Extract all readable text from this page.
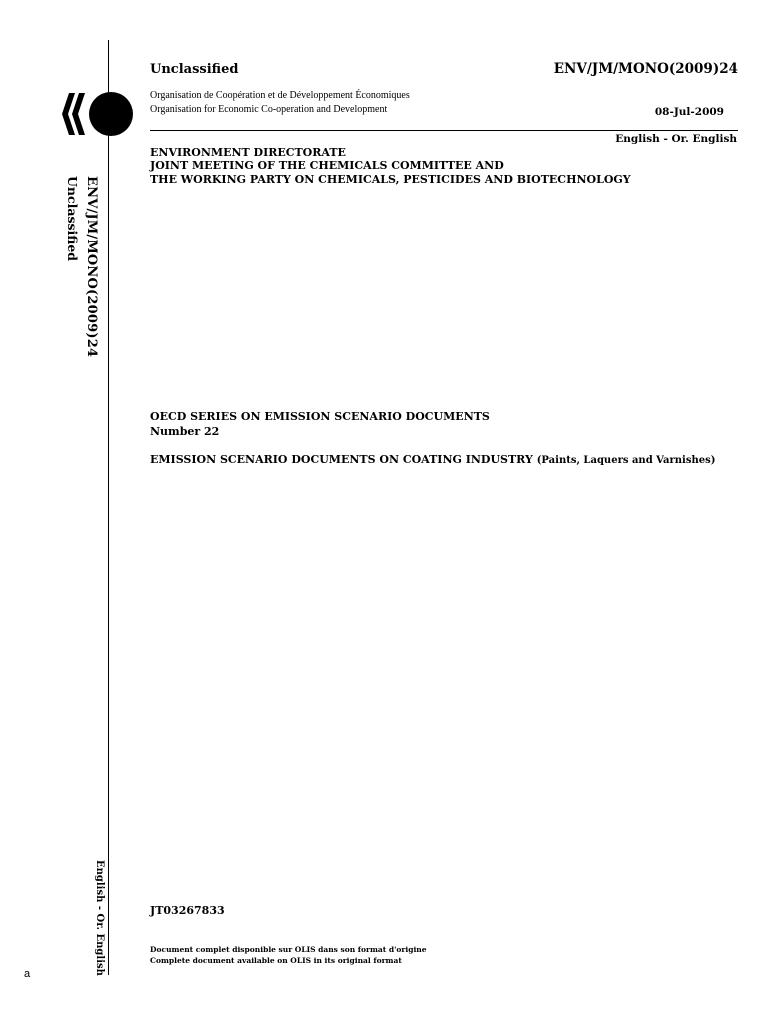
ENV/JM/MONO(2009)24
Unclassified
English - Or. English
Unclassified	ENV/JM/MONO(2009)24
Organisation de Coopération et de Développement Économiques
Organisation for Economic Co-operation and Development	08-Jul-2009
English - Or. English
ENVIRONMENT DIRECTORATE
JOINT MEETING OF THE CHEMICALS COMMITTEE AND
THE WORKING PARTY ON CHEMICALS, PESTICIDES AND BIOTECHNOLOGY
OECD SERIES ON EMISSION SCENARIO DOCUMENTS
Number 22
EMISSION SCENARIO DOCUMENTS ON COATING INDUSTRY (Paints, Laquers and Varnishes)
JT03267833
Document complet disponible sur OLIS dans son format d'origine
Complete document available on OLIS in its original format
a
